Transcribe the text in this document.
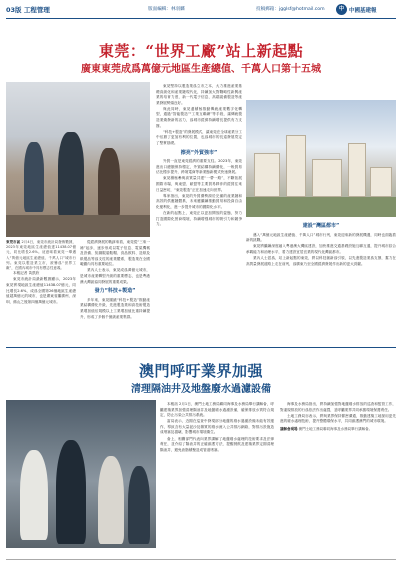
03版 工程管理	版面編輯：林羽麟	投稿郵箱：jgglsf@hotmail.com	中 中國基建報
東莞：“世界工廠”站上新起點
廣東東莞成爲萬億元地區生產總值、千萬人口第十五城
東莞市區 2月4日，東莞市統計局發佈數據，2023年東莞地區生產總值達11438.07億元，同比增長2.6%。這意味着東莞一舉邁入“萬億元地區生產總值、千萬人口”城市行列。東莞以製造業立市，被譽爲“世界工廠”，在國內城市中具有標志性意義。

本報記者 黃凱欣

東莞市統計局最新數據顯示，2023年東莞實現地區生產總值11438.07億元，同比增長2.6%，成爲全國第26個地區生產總值超萬億元的城市，也是廣東省繼廣州、深圳、佛山之後第四個萬億元城市。

從經濟發展的軌跡來看，東莞從“三來一補”起步，逐步形成以電子信息、電氣機械及設備、紡織服裝鞋帽、食品飲料、造紙及紙製品等爲支柱的產業體系，製造業在全國範圍內具有重要地位。

業內人士表示，東莞成爲萬億元城市，是城市產業轉型升級的重要標志，也是粵港澳大灣區協同發展的重要成果。

發力“科技+製造”

多年來，東莞圍繞“科技+製造”推動產業結構優化升級，先進製造業和高技術製造業增加值佔規模以上工業增加值比重持續提升，形成了多個千億級產業集群。

東莞堅持以製造業爲立市之本，大力推進產業基礎高級化和產業鏈現代化，持續加大對戰略性新興產業的培育力度，新一代電子信息、高端裝備製造等產業發展勢頭良好。

與此同時，東莞還積極推動傳統產業數字化轉型，通過“智能製造”“工業互聯網”等手段，讓傳統製造業煥發新的活力，爲城市經濟持續增長提供有力支撐。

“科技+製造”的發展模式，讓東莞在全球產業分工中佔據了更加有利的位置，也爲城市的長遠發展奠定了堅實基礎。

擦亮“外貿強市”

外貿一直是東莞經濟的重要支柱。2023年，東莞進出口總額保持穩定，外貿結構持續優化，一般貿易佔比穩步提升，跨境電商等新業態新模式快速發展。

東莞積極參與高質量共建“一帶一路”，不斷拓展國際市場，與東盟、歐盟等主要貿易夥伴的經貿往來日益密切，“東莞製造”正在加速走向世界。

專家指出，東莞的外貿優勢源於完備的產業鏈和高效的供應鏈體系，未來應繼續推動貿易和投資自由化便利化，進一步提升城市的國際化水平。

在新的起點上，東莞正以更加開放的姿態，努力打造國際化營商環境，持續增強城市的吸引力和競爭力。	建設“灣區都市”

邁入“萬億元地區生產總值、千萬人口”城市行列，東莞迎來新的發展機遇，同時也面臨着新的挑戰。

東莞將繼續深度融入粵港澳大灣區建設，加快推進交通基礎設施互聯互通，提升城市綜合承載能力和治理水平，着力建設宜居宜業的現代化灣區都市。

業內人士認爲，站上新起點的東莞，將以科技創新爲引領，以先進製造業爲支撐，奮力在高質量發展道路上走在前列，爲廣東乃至全國經濟發展作出新的更大貢獻。

澳門呼吁業界加强
清理隔油井及地盤廢水過濾設備

本報訊 2月1日，澳門土地工務局聯同海事及水務局舉行講解會，呼籲建築業界加強清理隔油井及地盤廢水過濾設備，確保排放水質符合規定，防止污染公共排污系統。

當局表示，近期在巡查中發現部分地盤的廢水過濾設備未能有效運作，導致含有大量泥沙及雜質的廢水流入公共排污網絡，對排污設施造成堵塞及損壞，影響城市環境衛生。

會上，相關部門代表向業界講解了地盤廢水處理的技術要求及法律責任，並介紹了隔油井的正確維護方法，提醒餐飲及建築業界定期清理隔油井，避免油脂積聚造成管道堵塞。

海事及水務局指出，將持續加強對地盤廢水排放的巡查和監管工作，對違規排放的行爲依法作出處罰，並呼籲業界共同承擔環境保護責任。

土地工務局亦表示，將與業界保持緊密溝通，推動建築工地採用更先進的廢水處理技術，提升整體環保水平，共同維護澳門的城市環境。

講解會現場 澳門土地工務局聯同海事及水務局舉行講解會。
